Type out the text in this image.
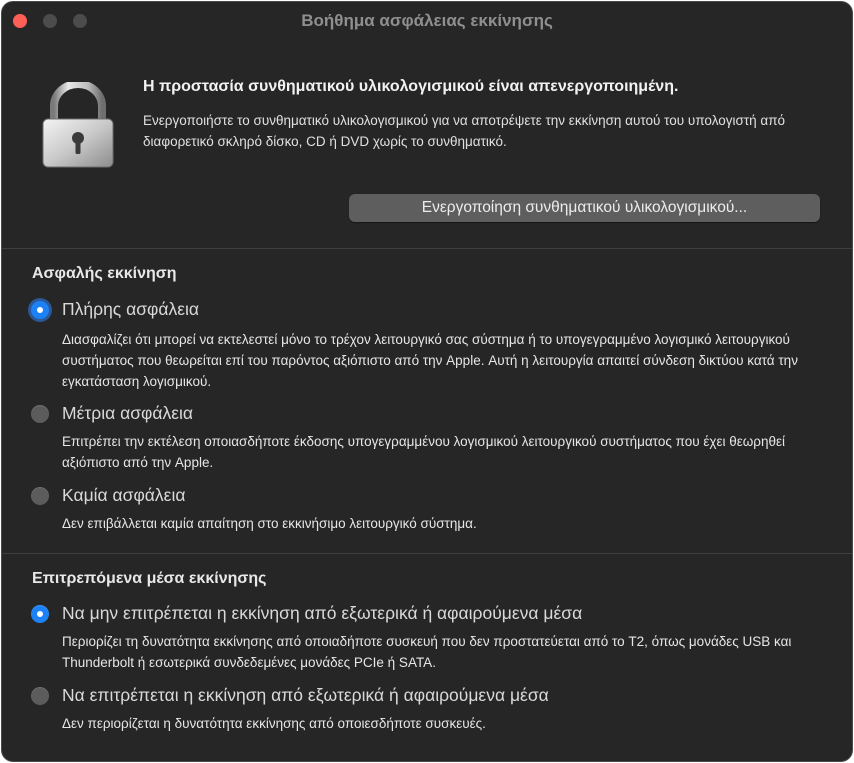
Βοήθημα ασφάλειας εκκίνησης
Η προστασία συνθηματικού υλικολογισμικού είναι απενεργοποιημένη.
Ενεργοποιήστε το συνθηματικό υλικολογισμικού για να αποτρέψετε την εκκίνηση αυτού του υπολογιστή από διαφορετικό σκληρό δίσκο, CD ή DVD χωρίς το συνθηματικό.
Ενεργοποίηση συνθηματικού υλικολογισμικού...
Ασφαλής εκκίνηση
Πλήρης ασφάλεια
Διασφαλίζει ότι μπορεί να εκτελεστεί μόνο το τρέχον λειτουργικό σας σύστημα ή το υπογεγραμμένο λογισμικό λειτουργικού συστήματος που θεωρείται επί του παρόντος αξιόπιστο από την Apple. Αυτή η λειτουργία απαιτεί σύνδεση δικτύου κατά την εγκατάσταση λογισμικού.
Μέτρια ασφάλεια
Επιτρέπει την εκτέλεση οποιασδήποτε έκδοσης υπογεγραμμένου λογισμικού λειτουργικού συστήματος που έχει θεωρηθεί αξιόπιστο από την Apple.
Καμία ασφάλεια
Δεν επιβάλλεται καμία απαίτηση στο εκκινήσιμο λειτουργικό σύστημα.
Επιτρεπόμενα μέσα εκκίνησης
Να μην επιτρέπεται η εκκίνηση από εξωτερικά ή αφαιρούμενα μέσα
Περιορίζει τη δυνατότητα εκκίνησης από οποιαδήποτε συσκευή που δεν προστατεύεται από το T2, όπως μονάδες USB και Thunderbolt ή εσωτερικά συνδεδεμένες μονάδες PCIe ή SATA.
Να επιτρέπεται η εκκίνηση από εξωτερικά ή αφαιρούμενα μέσα
Δεν περιορίζεται η δυνατότητα εκκίνησης από οποιεσδήποτε συσκευές.
